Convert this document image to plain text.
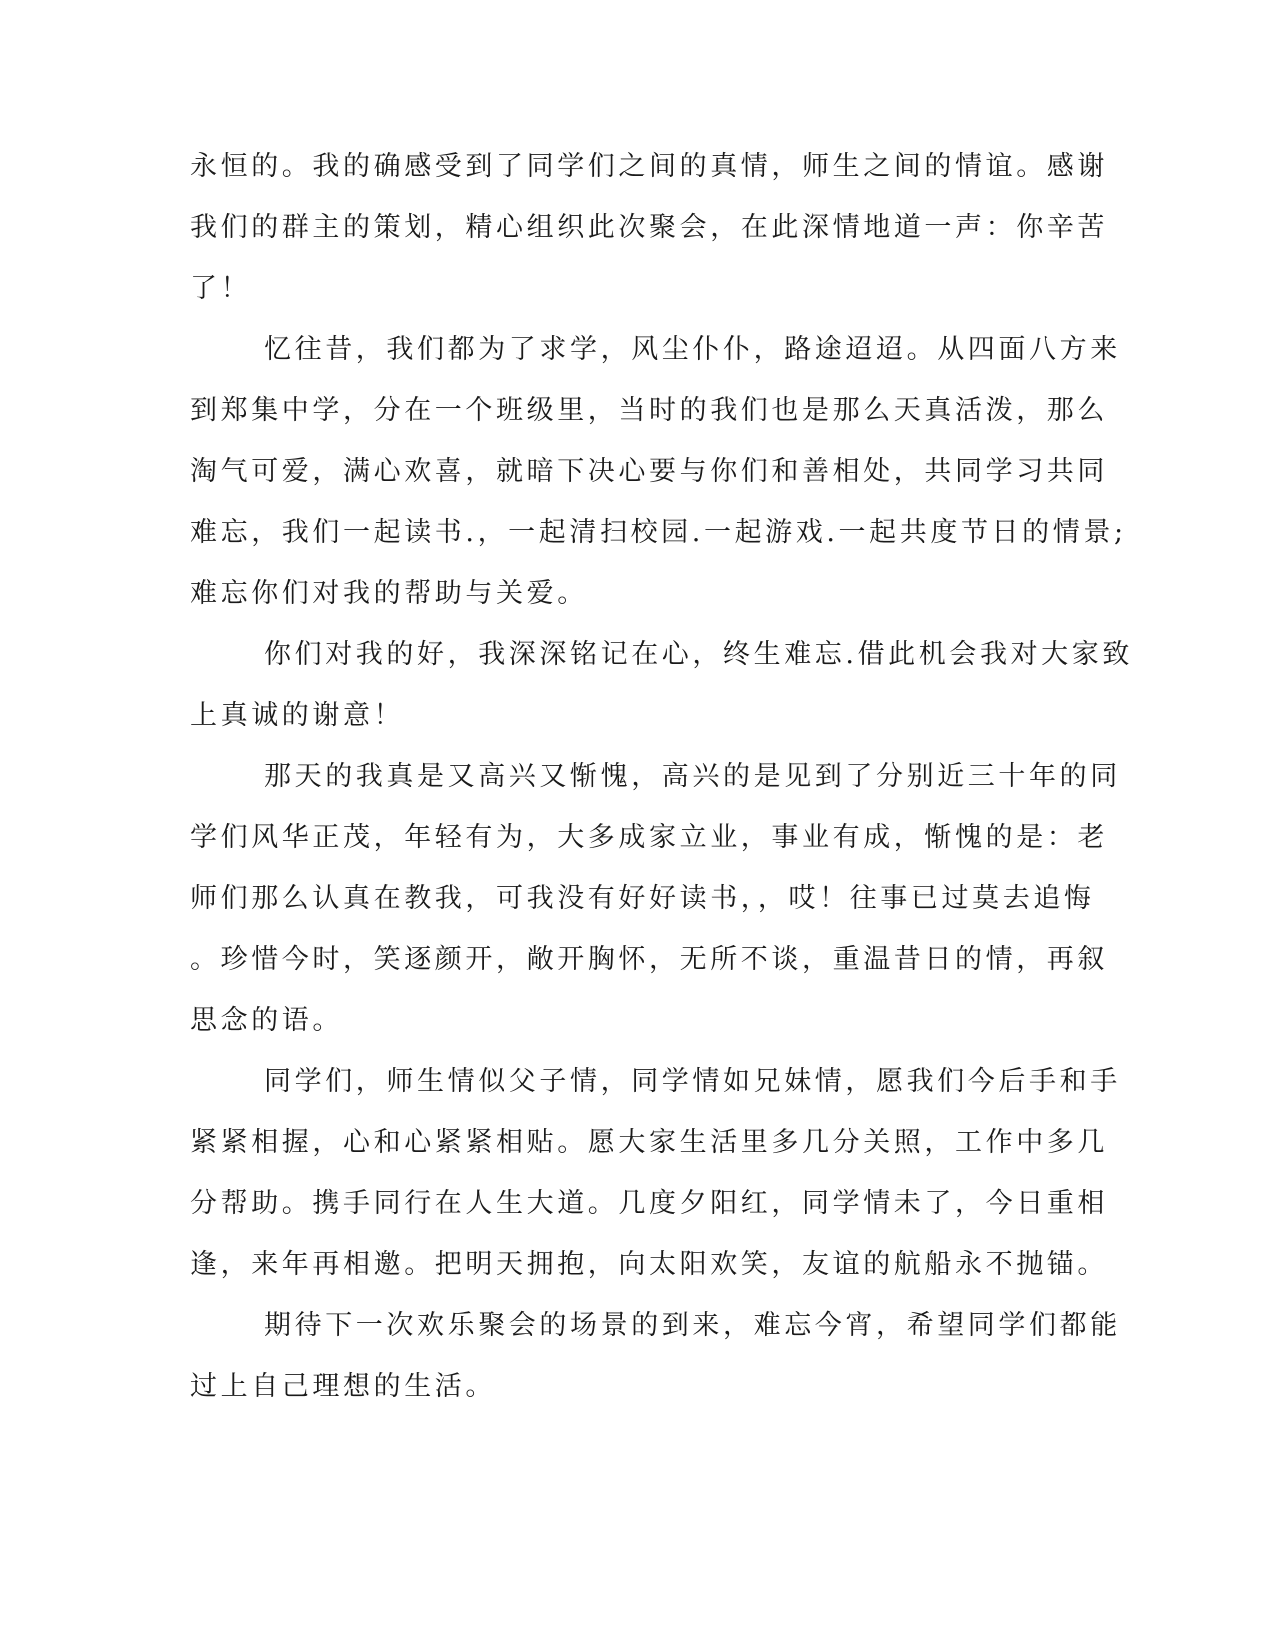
永恒的。我的确感受到了同学们之间的真情，师生之间的情谊。感谢
我们的群主的策划，精心组织此次聚会，在此深情地道一声：你辛苦
了！
忆往昔，我们都为了求学，风尘仆仆，路途迢迢。从四面八方来
到郑集中学，分在一个班级里，当时的我们也是那么天真活泼，那么
淘气可爱，满心欢喜，就暗下决心要与你们和善相处，共同学习共同
难忘，我们一起读书.，一起清扫校园.一起游戏.一起共度节日的情景;
难忘你们对我的帮助与关爱。
你们对我的好，我深深铭记在心，终生难忘.借此机会我对大家致
上真诚的谢意！
那天的我真是又高兴又惭愧，高兴的是见到了分别近三十年的同
学们风华正茂，年轻有为，大多成家立业，事业有成，惭愧的是：老
师们那么认真在教我，可我没有好好读书，，哎！往事已过莫去追悔
。珍惜今时，笑逐颜开，敞开胸怀，无所不谈，重温昔日的情，再叙
思念的语。
同学们，师生情似父子情，同学情如兄妹情，愿我们今后手和手
紧紧相握，心和心紧紧相贴。愿大家生活里多几分关照，工作中多几
分帮助。携手同行在人生大道。几度夕阳红，同学情未了，今日重相
逢，来年再相邀。把明天拥抱，向太阳欢笑，友谊的航船永不抛锚。
期待下一次欢乐聚会的场景的到来，难忘今宵，希望同学们都能
过上自己理想的生活。
